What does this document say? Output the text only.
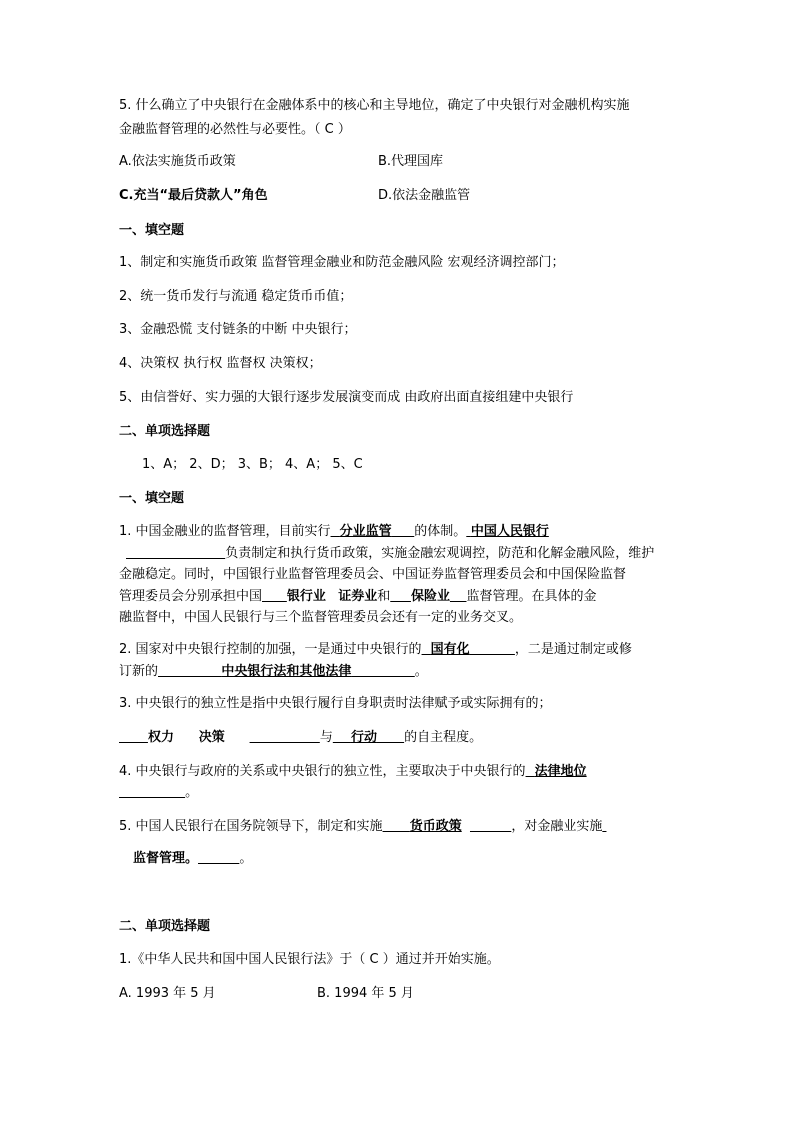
5. 什么确立了中央银行在金融体系中的核心和主导地位，确定了中央银行对金融机构实施
金融监督管理的必然性与必要性。（ C ）
A.依法实施货币政策	B.代理国库
C.充当“最后贷款人”角色	D.依法金融监管
一、填空题
1、制定和实施货币政策 监督管理金融业和防范金融风险 宏观经济调控部门；
2、统一货币发行与流通 稳定货币币值；
3、金融恐慌 支付链条的中断 中央银行；
4、决策权 执行权 监督权 决策权；
5、由信誉好、实力强的大银行逐步发展演变而成 由政府出面直接组建中央银行
二、单项选择题
1、A； 2、D； 3、B； 4、A； 5、C
一、填空题
1. 中国金融业的监督管理，目前实行 分业监管 的体制。 中国人民银行
负责制定和执行货币政策，实施金融宏观调控，防范和化解金融风险，维护
金融稳定。同时，中国银行业监督管理委员会、中国证券监督管理委员会和中国保险监督
管理委员会分别承担中国 银行业 证券业和 保险业 监督管理。在具体的金
融监督中，中国人民银行与三个监督管理委员会还有一定的业务交叉。
2. 国家对中央银行控制的加强，一是通过中央银行的 国有化	，二是通过制定或修
订新的	中央银行法和其他法律	。
3. 中央银行的独立性是指中央银行履行自身职责时法律赋予或实际拥有的；
权力 决策	与 行动 的自主程度。
4. 中央银行与政府的关系或中央银行的独立性，主要取决于中央银行的 法律地位
。
5. 中国人民银行在国务院领导下，制定和实施 货币政策	，对金融业实施
监督管理。	。
二、单项选择题
1.《中华人民共和国中国人民银行法》于（ C ）通过并开始实施。
A. 1993 年 5 月	B. 1994 年 5 月
